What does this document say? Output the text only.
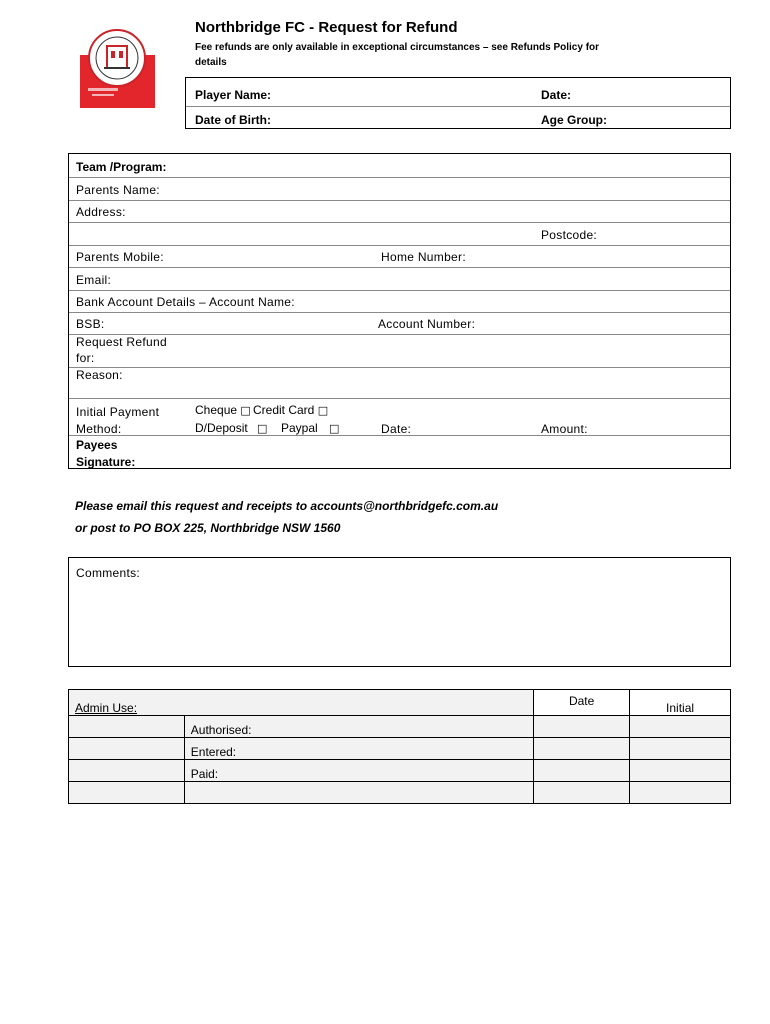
Northbridge FC - Request for Refund
Fee refunds are only available in exceptional circumstances – see Refunds Policy for details
Player Name:	Date:
Date of Birth:	Age Group:
Team /Program:
Parents Name:
Address:
Postcode:
Parents Mobile:	Home Number:
Email:
Bank Account Details – Account Name:
BSB:	Account Number:
Request Refund
for:
Reason:
Initial Payment
Method:
Cheque □ Credit Card □
D/Deposit □ Paypal □	Date:	Amount:
Payees
Signature:
Please email this request and receipts to accounts@northbridgefc.com.au
or post to PO BOX 225, Northbridge NSW 1560
Comments:
Admin Use:		Date	Initial
	Authorised:		
	Entered:		
	Paid:		
